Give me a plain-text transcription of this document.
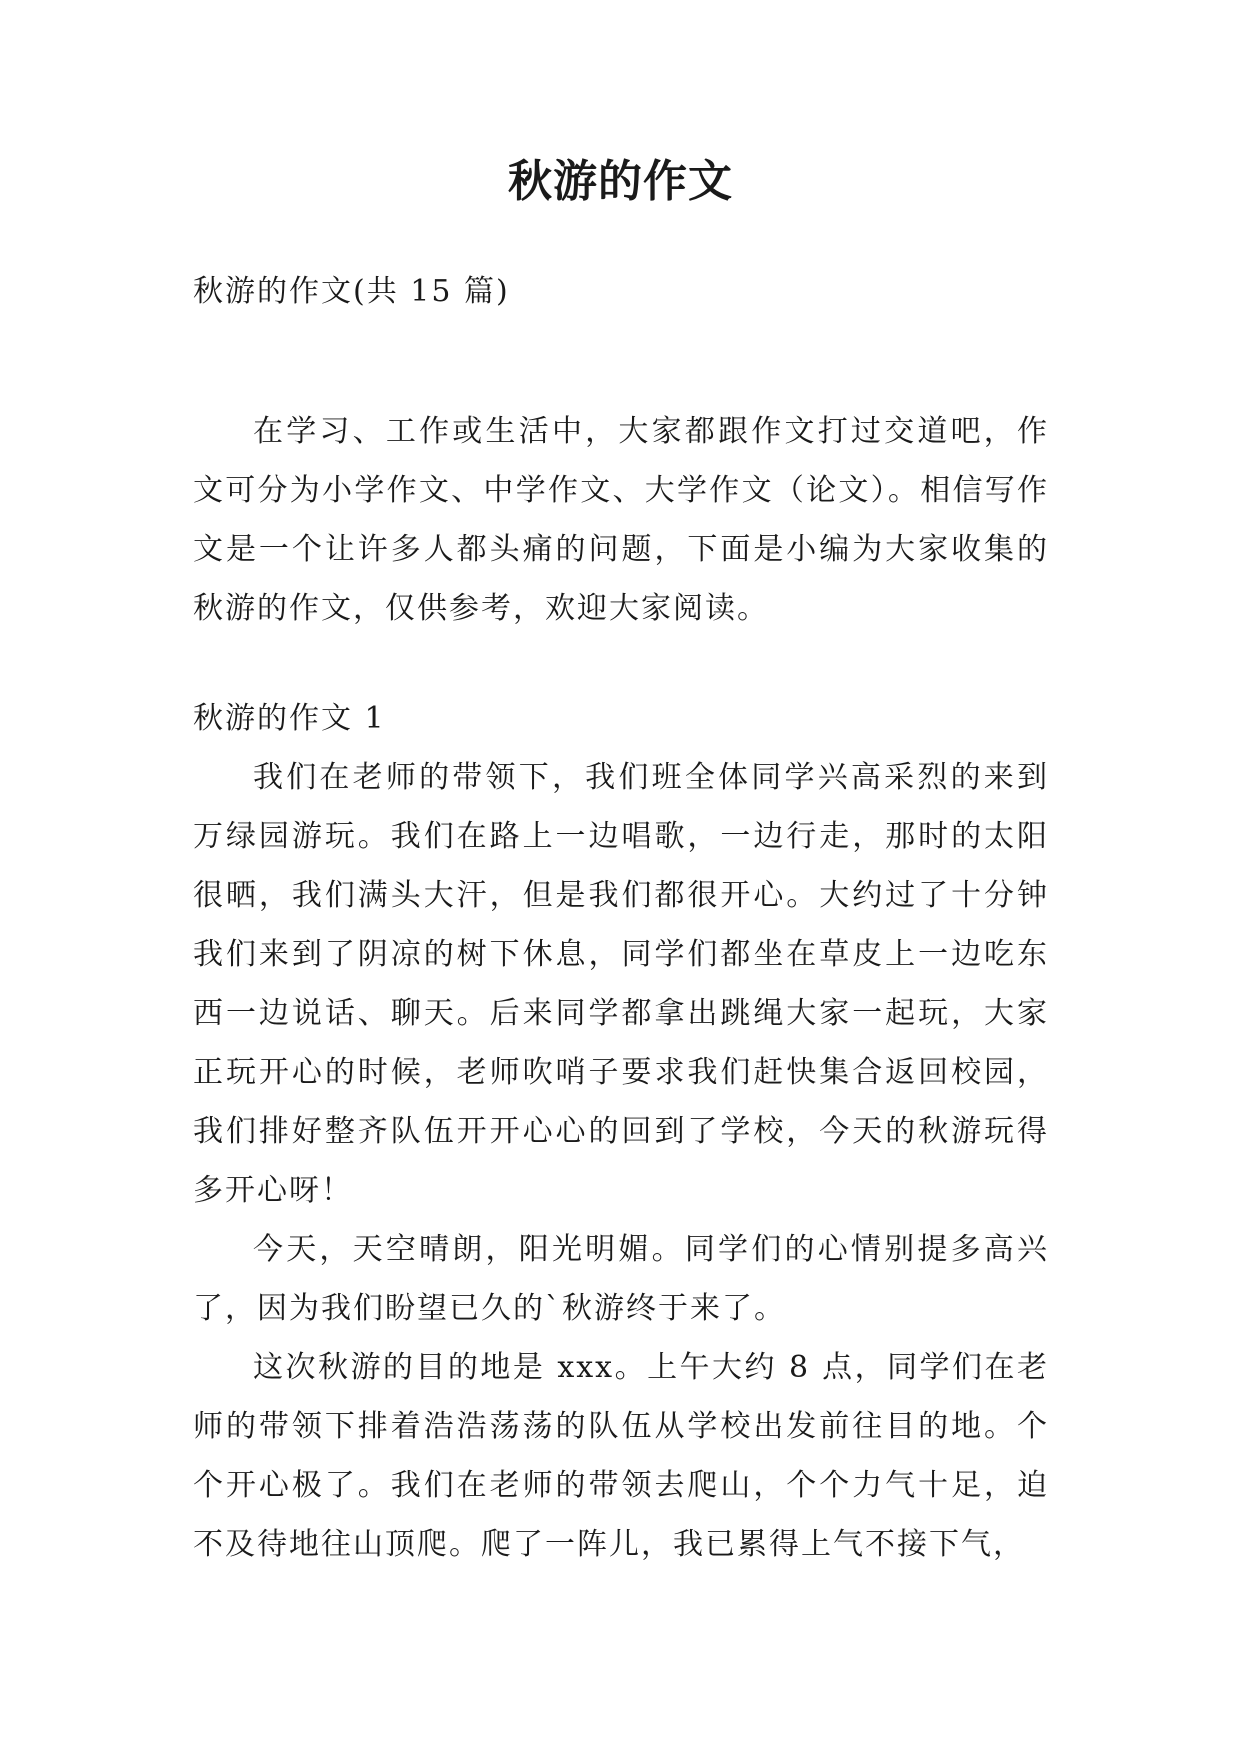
秋游的作文
秋游的作文(共 15 篇)
在学习、工作或生活中，大家都跟作文打过交道吧，作文可分为小学作文、中学作文、大学作文（论文）。相信写作文是一个让许多人都头痛的问题，下面是小编为大家收集的秋游的作文，仅供参考，欢迎大家阅读。
秋游的作文 1

我们在老师的带领下，我们班全体同学兴高采烈的来到万绿园游玩。我们在路上一边唱歌，一边行走，那时的太阳很晒，我们满头大汗，但是我们都很开心。大约过了十分钟我们来到了阴凉的树下休息，同学们都坐在草皮上一边吃东西一边说话、聊天。后来同学都拿出跳绳大家一起玩，大家正玩开心的时候，老师吹哨子要求我们赶快集合返回校园，我们排好整齐队伍开开心心的回到了学校，今天的秋游玩得多开心呀！

今天，天空晴朗，阳光明媚。同学们的心情别提多高兴了，因为我们盼望已久的`秋游终于来了。

这次秋游的目的地是 xxx。上午大约 8 点，同学们在老师的带领下排着浩浩荡荡的队伍从学校出发前往目的地。个个开心极了。我们在老师的带领去爬山，个个力气十足，迫不及待地往山顶爬。爬了一阵儿，我已累得上气不接下气，
